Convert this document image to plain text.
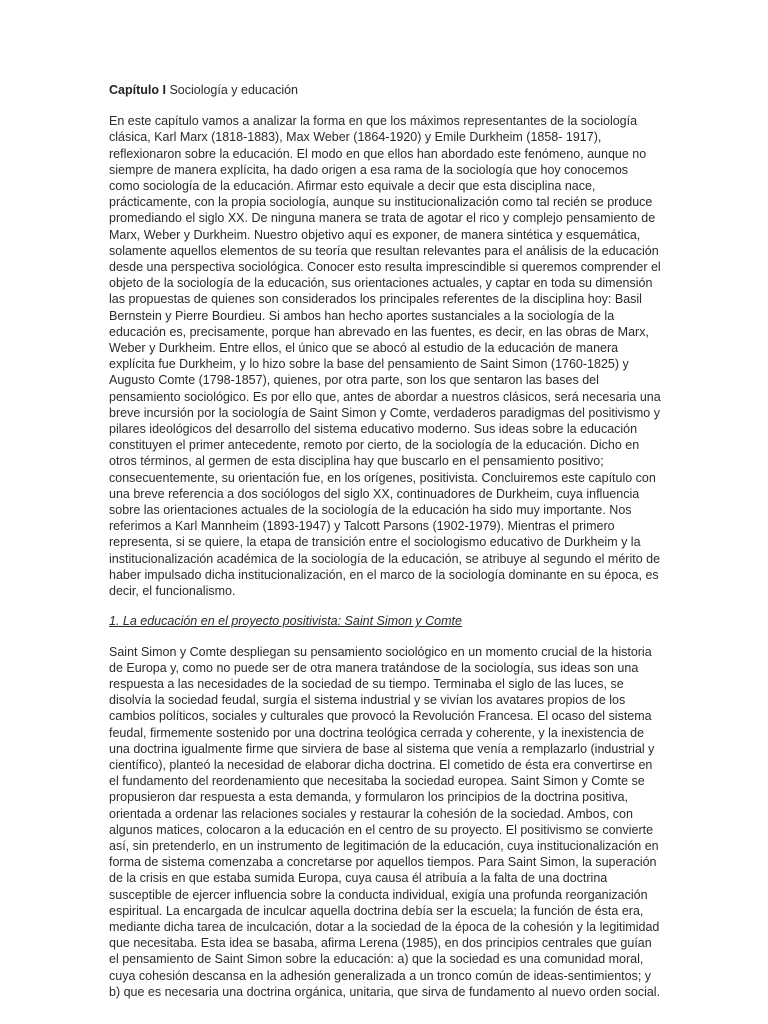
Capítulo I Sociología y educación

En este capítulo vamos a analizar la forma en que los máximos representantes de la sociología clásica, Karl Marx (1818-1883), Max Weber (1864-1920) y Emile Durkheim (1858- 1917), reflexionaron sobre la educación. El modo en que ellos han abordado este fenómeno, aunque no siempre de manera explícita, ha dado origen a esa rama de la sociología que hoy conocemos como sociología de la educación. Afirmar esto equivale a decir que esta disciplina nace, prácticamente, con la propia sociología, aunque su institucionalización como tal recién se produce promediando el siglo XX. De ninguna manera se trata de agotar el rico y complejo pensamiento de Marx, Weber y Durkheim. Nuestro objetivo aquí es exponer, de manera sintética y esquemática, solamente aquellos elementos de su teoría que resultan relevantes para el análisis de la educación desde una perspectiva sociológica. Conocer esto resulta imprescindible si queremos comprender el objeto de la sociología de la educación, sus orientaciones actuales, y captar en toda su dimensión las propuestas de quienes son considerados los principales referentes de la disciplina hoy: Basil Bernstein y Pierre Bourdieu. Si ambos han hecho aportes sustanciales a la sociología de la educación es, precisamente, porque han abrevado en las fuentes, es decir, en las obras de Marx, Weber y Durkheim. Entre ellos, el único que se abocó al estudio de la educación de manera explícita fue Durkheim, y lo hizo sobre la base del pensamiento de Saint Simon (1760-1825) y Augusto Comte (1798-1857), quienes, por otra parte, son los que sentaron las bases del pensamiento sociológico. Es por ello que, antes de abordar a nuestros clásicos, será necesaria una breve incursión por la sociología de Saint Simon y Comte, verdaderos paradigmas del positivismo y pilares ideológicos del desarrollo del sistema educativo moderno. Sus ideas sobre la educación constituyen el primer antecedente, remoto por cierto, de la sociología de la educación. Dicho en otros términos, al germen de esta disciplina hay que buscarlo en el pensamiento positivo; consecuentemente, su orientación fue, en los orígenes, positivista. Concluiremos este capítulo con una breve referencia a dos sociólogos del siglo XX, continuadores de Durkheim, cuya influencia sobre las orientaciones actuales de la sociología de la educación ha sido muy importante. Nos referimos a Karl Mannheim (1893-1947) y Talcott Parsons (1902-1979). Mientras el primero representa, si se quiere, la etapa de transición entre el sociologismo educativo de Durkheim y la institucionalización académica de la sociología de la educación, se atribuye al segundo el mérito de haber impulsado dicha institucionalización, en el marco de la sociología dominante en su época, es decir, el funcionalismo.

1. La educación en el proyecto positivista: Saint Simon y Comte

Saint Simon y Comte despliegan su pensamiento sociológico en un momento crucial de la historia de Europa y, como no puede ser de otra manera tratándose de la sociología, sus ideas son una respuesta a las necesidades de la sociedad de su tiempo. Terminaba el siglo de las luces, se disolvía la sociedad feudal, surgía el sistema industrial y se vivían los avatares propios de los cambios políticos, sociales y culturales que provocó la Revolución Francesa. El ocaso del sistema feudal, firmemente sostenido por una doctrina teológica cerrada y coherente, y la inexistencia de una doctrina igualmente firme que sirviera de base al sistema que venía a remplazarlo (industrial y científico), planteó la necesidad de elaborar dicha doctrina. El cometido de ésta era convertirse en el fundamento del reordenamiento que necesitaba la sociedad europea. Saint Simon y Comte se propusieron dar respuesta a esta demanda, y formularon los principios de la doctrina positiva, orientada a ordenar las relaciones sociales y restaurar la cohesión de la sociedad. Ambos, con algunos matices, colocaron a la educación en el centro de su proyecto. El positivismo se convierte así, sin pretenderlo, en un instrumento de legitimación de la educación, cuya institucionalización en forma de sistema comenzaba a concretarse por aquellos tiempos. Para Saint Simon, la superación de la crisis en que estaba sumida Europa, cuya causa él atribuía a la falta de una doctrina susceptible de ejercer influencia sobre la conducta individual, exigía una profunda reorganización espiritual. La encargada de inculcar aquella doctrina debía ser la escuela; la función de ésta era, mediante dicha tarea de inculcación, dotar a la sociedad de la época de la cohesión y la legitimidad que necesitaba. Esta idea se basaba, afirma Lerena (1985), en dos principios centrales que guían el pensamiento de Saint Simon sobre la educación: a) que la sociedad es una comunidad moral, cuya cohesión descansa en la adhesión generalizada a un tronco común de ideas-sentimientos; y b) que es necesaria una doctrina orgánica, unitaria, que sirva de fundamento al nuevo orden social.
